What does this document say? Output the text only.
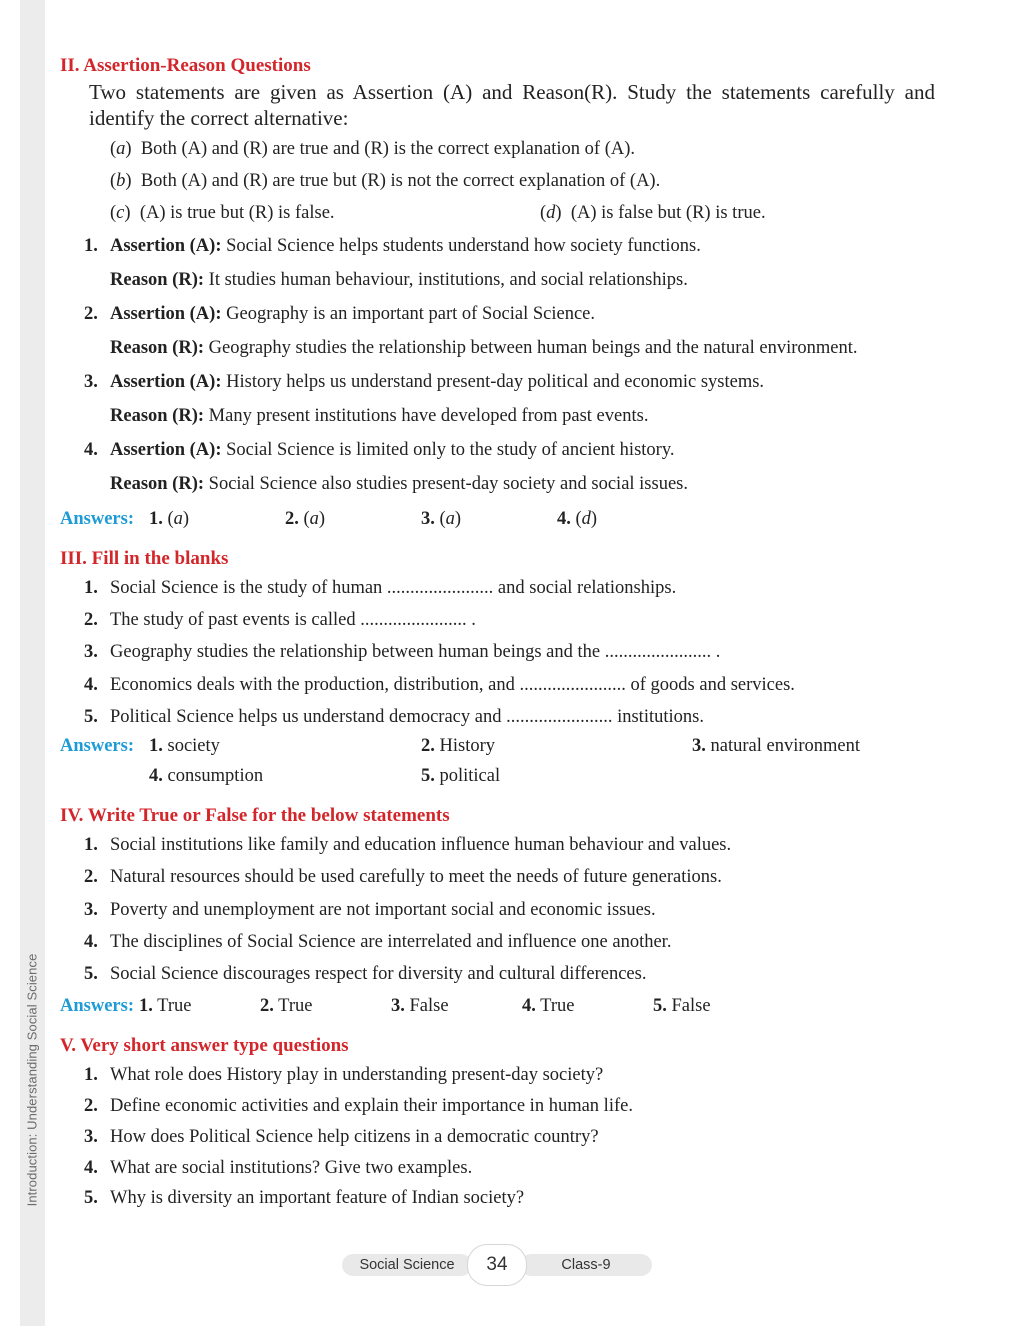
Introduction: Understanding Social Science
II. Assertion-Reason Questions
Two statements are given as Assertion (A) and Reason(R). Study the statements carefully and
identify the correct alternative:
(a)  Both (A) and (R) are true and (R) is the correct explanation of (A).
(b)  Both (A) and (R) are true but (R) is not the correct explanation of (A).
(c)  (A) is true but (R) is false.	(d)  (A) is false but (R) is true.
1. Assertion (A): Social Science helps students understand how society functions.
Reason (R): It studies human behaviour, institutions, and social relationships.
2. Assertion (A): Geography is an important part of Social Science.
Reason (R): Geography studies the relationship between human beings and the natural environment.
3. Assertion (A): History helps us understand present-day political and economic systems.
Reason (R): Many present institutions have developed from past events.
4. Assertion (A): Social Science is limited only to the study of ancient history.
Reason (R): Social Science also studies present-day society and social issues.
Answers: 1. (a)	2. (a)	3. (a)	4. (d)
III. Fill in the blanks
1. Social Science is the study of human ....................... and social relationships.
2. The study of past events is called ....................... .
3. Geography studies the relationship between human beings and the ....................... .
4. Economics deals with the production, distribution, and ....................... of goods and services.
5. Political Science helps us understand democracy and ....................... institutions.
Answers: 1. society	2. History	3. natural environment
4. consumption	5. political
IV. Write True or False for the below statements
1. Social institutions like family and education influence human behaviour and values.
2. Natural resources should be used carefully to meet the needs of future generations.
3. Poverty and unemployment are not important social and economic issues.
4. The disciplines of Social Science are interrelated and influence one another.
5. Social Science discourages respect for diversity and cultural differences.
Answers: 1. True	2. True	3. False	4. True	5. False
V. Very short answer type questions
1. What role does History play in understanding present-day society?
2. Define economic activities and explain their importance in human life.
3. How does Political Science help citizens in a democratic country?
4. What are social institutions? Give two examples.
5. Why is diversity an important feature of Indian society?
Social Science	Class-9
34
